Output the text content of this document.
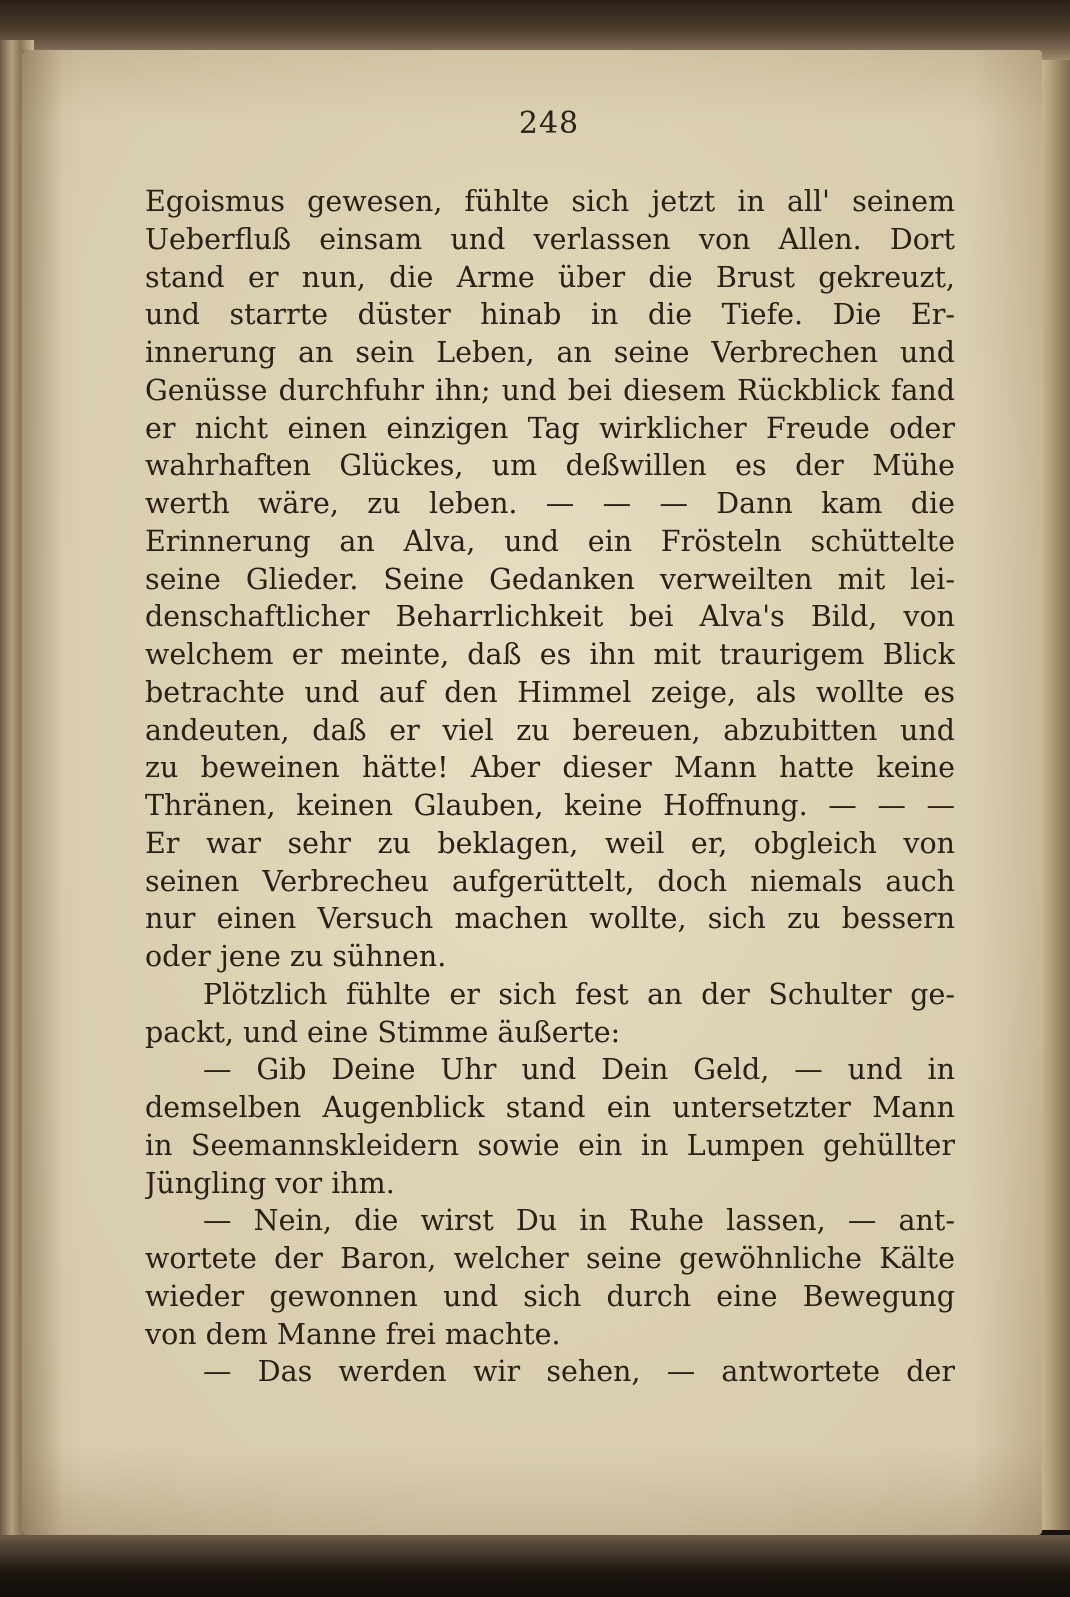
248
Egoismus gewesen, fühlte sich jetzt in all' seinem
Ueberfluß einsam und verlassen von Allen. Dort
stand er nun, die Arme über die Brust gekreuzt,
und starrte düster hinab in die Tiefe. Die Er-
innerung an sein Leben, an seine Verbrechen und
Genüsse durchfuhr ihn; und bei diesem Rückblick fand
er nicht einen einzigen Tag wirklicher Freude oder
wahrhaften Glückes, um deßwillen es der Mühe
werth wäre, zu leben. — — — Dann kam die
Erinnerung an Alva, und ein Frösteln schüttelte
seine Glieder. Seine Gedanken verweilten mit lei-
denschaftlicher Beharrlichkeit bei Alva's Bild, von
welchem er meinte, daß es ihn mit traurigem Blick
betrachte und auf den Himmel zeige, als wollte es
andeuten, daß er viel zu bereuen, abzubitten und
zu beweinen hätte! Aber dieser Mann hatte keine
Thränen, keinen Glauben, keine Hoffnung. — — —
Er war sehr zu beklagen, weil er, obgleich von
seinen Verbrecheu aufgerüttelt, doch niemals auch
nur einen Versuch machen wollte, sich zu bessern
oder jene zu sühnen.
Plötzlich fühlte er sich fest an der Schulter ge-
packt, und eine Stimme äußerte:
— Gib Deine Uhr und Dein Geld, — und in
demselben Augenblick stand ein untersetzter Mann
in Seemannskleidern sowie ein in Lumpen gehüllter
Jüngling vor ihm.
— Nein, die wirst Du in Ruhe lassen, — ant-
wortete der Baron, welcher seine gewöhnliche Kälte
wieder gewonnen und sich durch eine Bewegung
von dem Manne frei machte.
— Das werden wir sehen, — antwortete der
